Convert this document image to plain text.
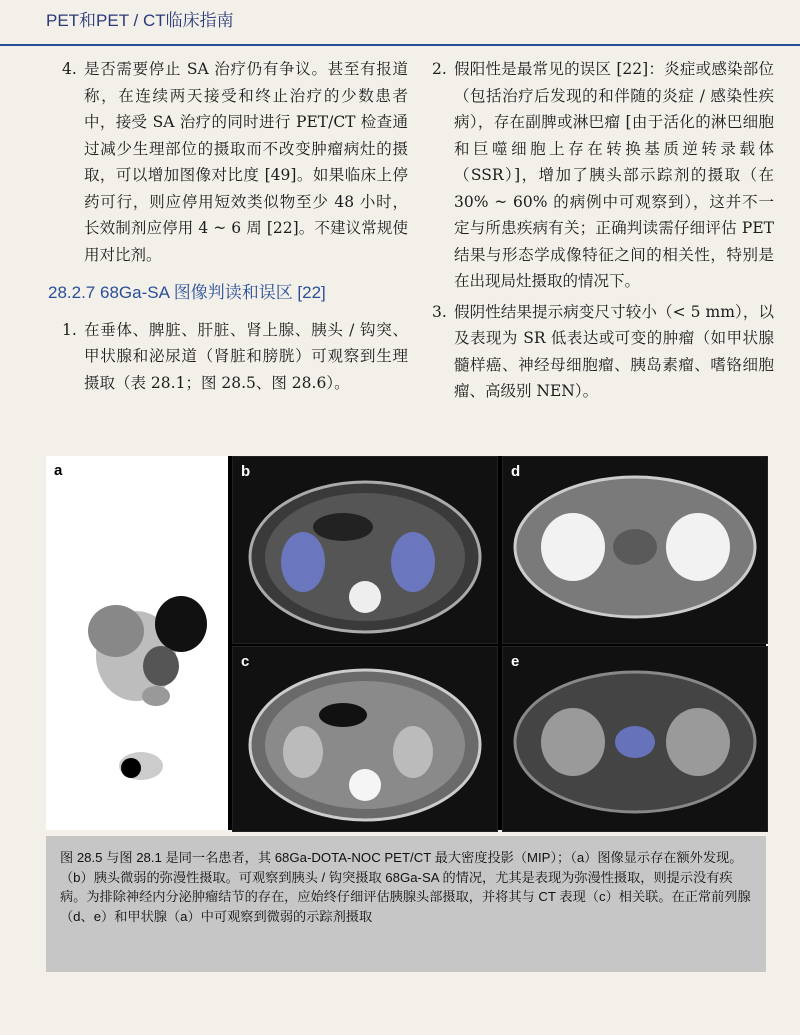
PET和PET / CT临床指南
4. 是否需要停止 SA 治疗仍有争议。甚至有报道称，在连续两天接受和终止治疗的少数患者中，接受 SA 治疗的同时进行 PET/CT 检查通过减少生理部位的摄取而不改变肿瘤病灶的摄取，可以增加图像对比度 [49]。如果临床上停药可行，则应停用短效类似物至少 48 小时，长效制剂应停用 4 ~ 6 周 [22]。不建议常规使用对比剂。
28.2.7 68Ga-SA 图像判读和误区 [22]
1. 在垂体、脾脏、肝脏、肾上腺、胰头 / 钩突、甲状腺和泌尿道（肾脏和膀胱）可观察到生理摄取（表 28.1；图 28.5、图 28.6）。
2. 假阳性是最常见的误区 [22]：炎症或感染部位（包括治疗后发现的和伴随的炎症 / 感染性疾病），存在副脾或淋巴瘤 [由于活化的淋巴细胞和巨噬细胞上存在转换基质逆转录载体（SSR）]，增加了胰头部示踪剂的摄取（在 30% ~ 60% 的病例中可观察到），这并不一定与所患疾病有关；正确判读需仔细评估 PET 结果与形态学成像特征之间的相关性，特别是在出现局灶摄取的情况下。
3. 假阴性结果提示病变尺寸较小（< 5 mm），以及表现为 SR 低表达或可变的肿瘤（如甲状腺髓样癌、神经母细胞瘤、胰岛素瘤、嗜铬细胞瘤、高级别 NEN）。
a	b	d
c	e

图 28.5 与图 28.1 是同一名患者，其 68Ga-DOTA-NOC PET/CT 最大密度投影（MIP）；（a）图像显示存在额外发现。（b）胰头微弱的弥漫性摄取。可观察到胰头 / 钩突摄取 68Ga-SA 的情况，尤其是表现为弥漫性摄取，则提示没有疾病。为排除神经内分泌肿瘤结节的存在，应始终仔细评估胰腺头部摄取，并将其与 CT 表现（c）相关联。在正常前列腺（d、e）和甲状腺（a）中可观察到微弱的示踪剂摄取
